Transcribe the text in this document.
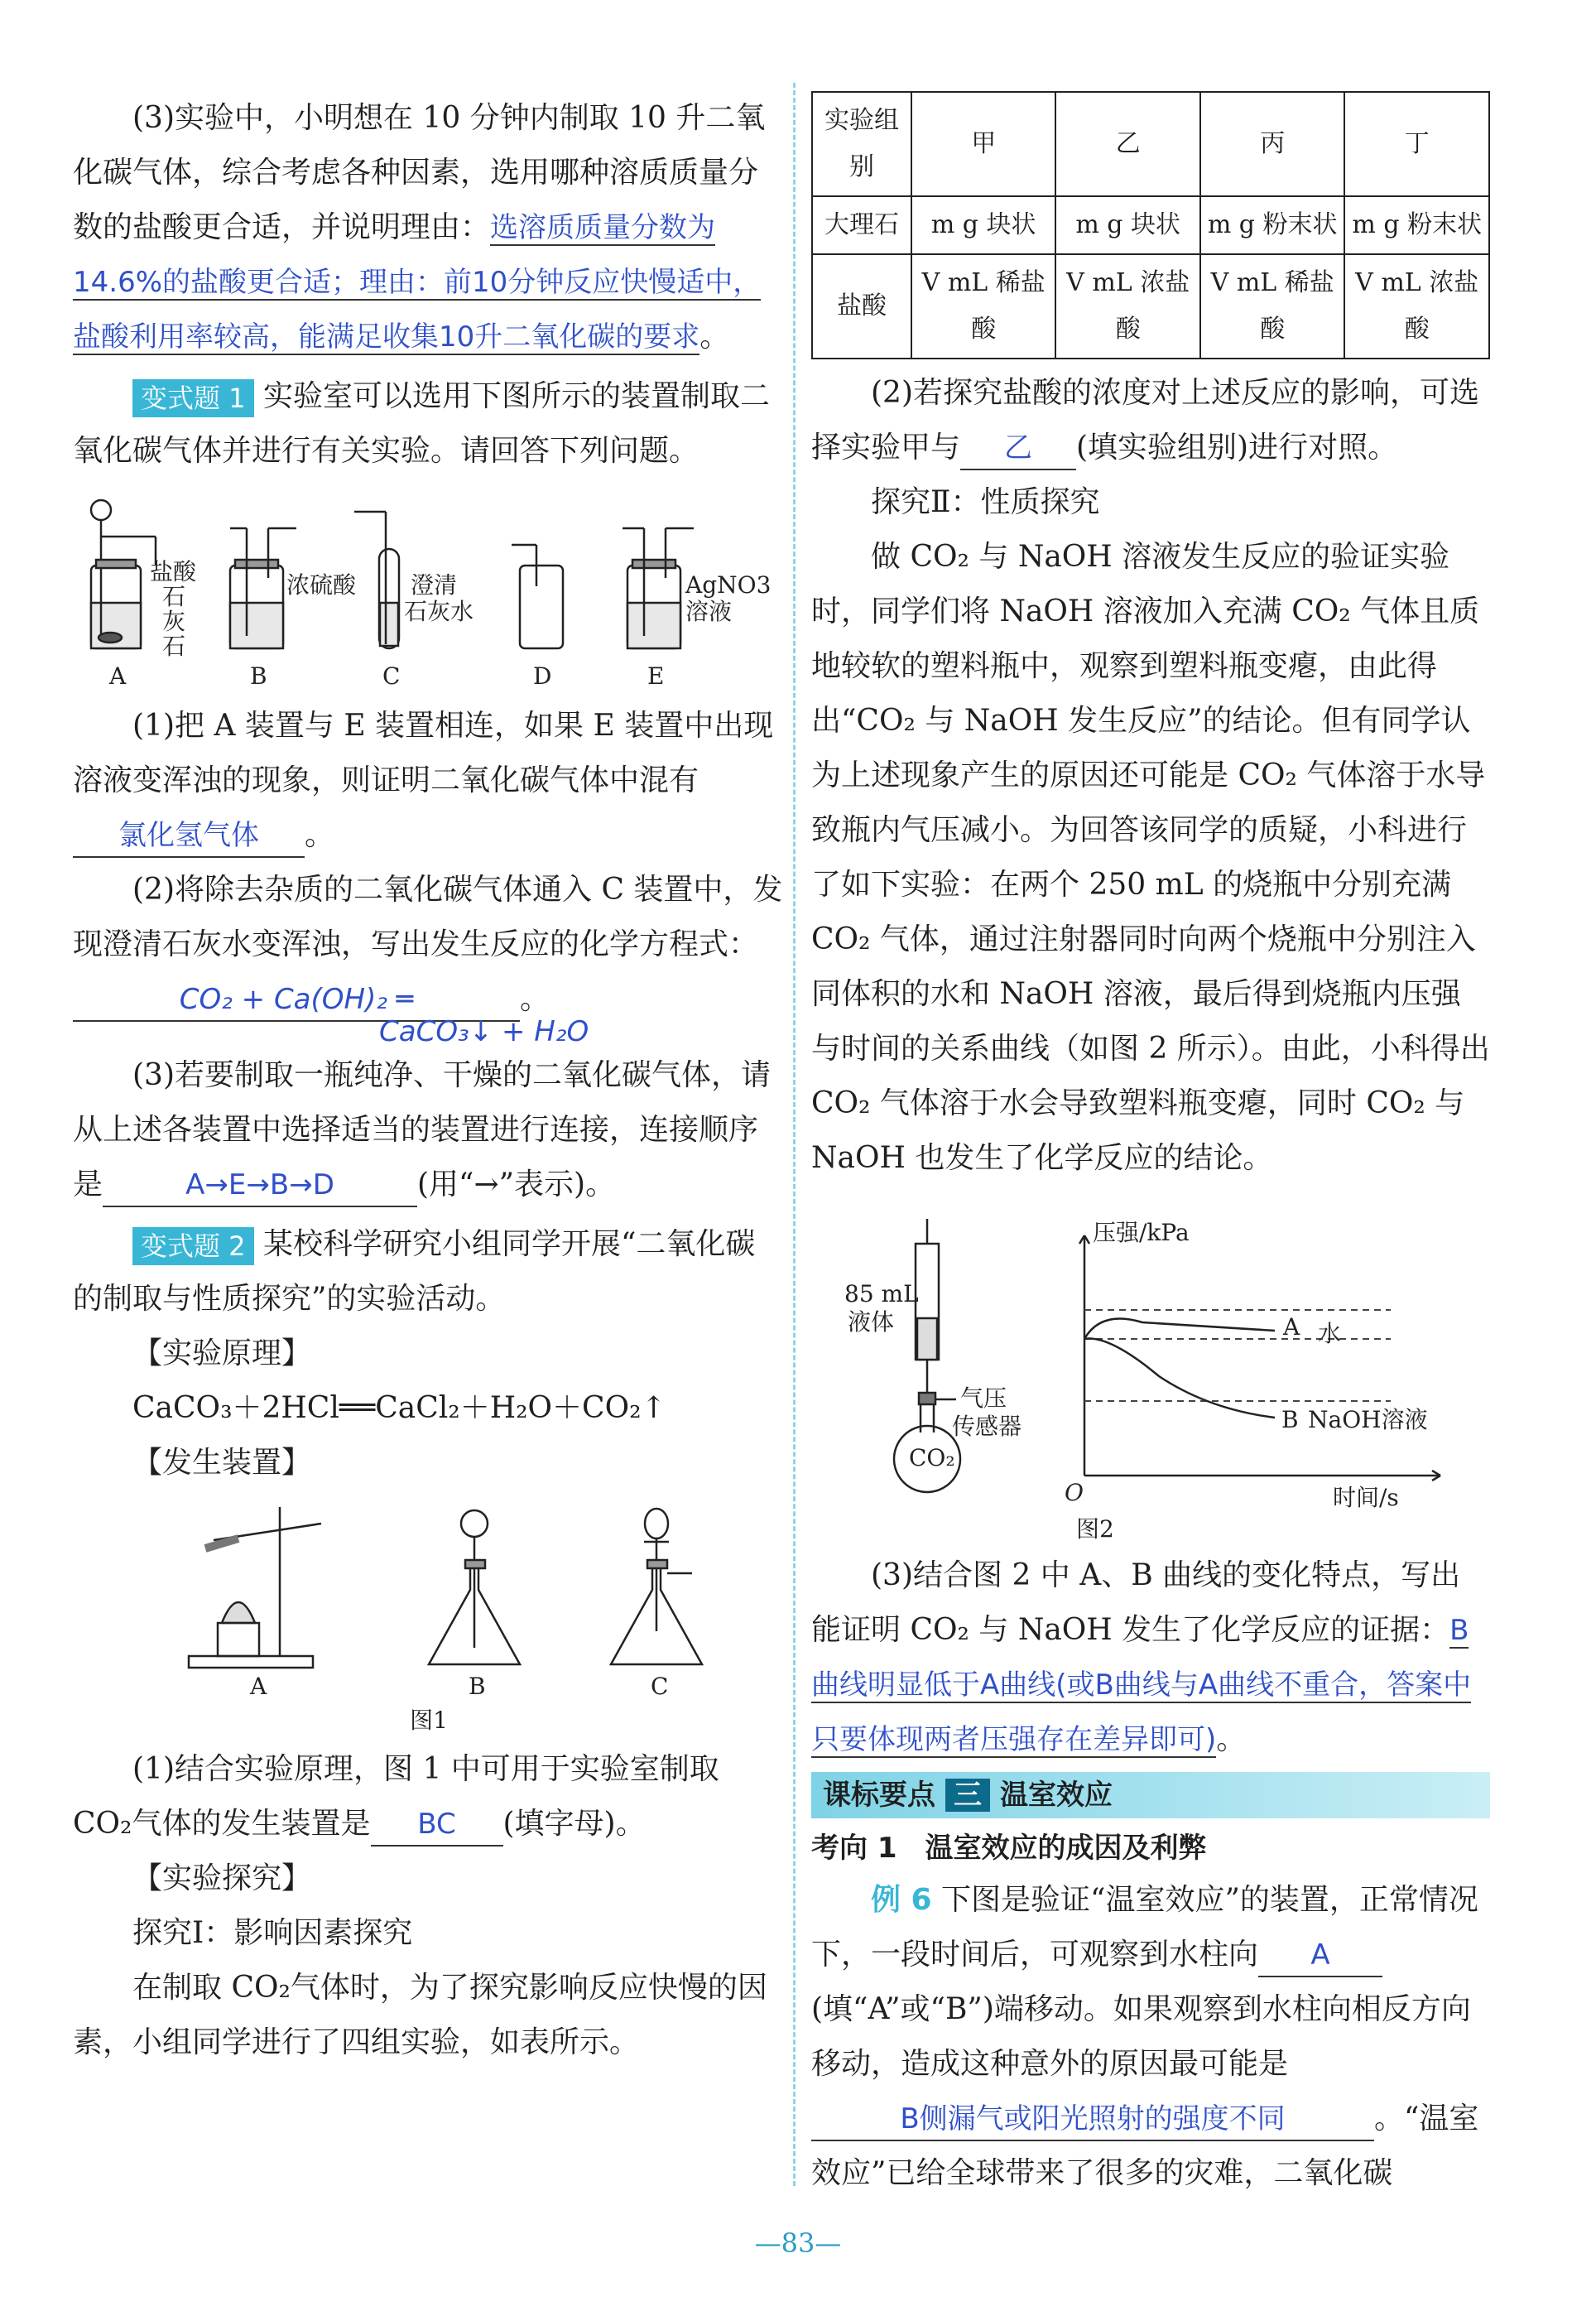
(3)实验中，小明想在 10 分钟内制取 10 升二氧化碳气体，综合考虑各种因素，选用哪种溶质质量分数的盐酸更合适，并说明理由：选溶质质量分数为14.6%的盐酸更合适；理由：前10分钟反应快慢适中，盐酸利用率较高，能满足收集10升二氧化碳的要求。

变式题 1 实验室可以选用下图所示的装置制取二氧化碳气体并进行有关实验。请回答下列问题。

盐酸
石
灰
石
浓硫酸 澄清
石灰水
AgNO3
溶液
A	B	C	D	E

(1)把 A 装置与 E 装置相连，如果 E 装置中出现溶液变浑浊的现象，则证明二氧化碳气体中混有氯化氢气体 。

(2)将除去杂质的二氧化碳气体通入 C 装置中，发现澄清石灰水变浑浊，写出发生反应的化学方程式：CO₂ + Ca(OH)₂ ═	。

CaCO₃↓ + H₂O

(3)若要制取一瓶纯净、干燥的二氧化碳气体，请从上述各装置中选择适当的装置进行连接，连接顺序是	A→E→B→D	(用“→”表示)。

变式题 2 某校科学研究小组同学开展“二氧化碳的制取与性质探究”的实验活动。

【实验原理】

CaCO₃＋2HCl══CaCl₂＋H₂O＋CO₂↑

【发生装置】

A	B	C

图1

(1)结合实验原理，图 1 中可用于实验室制取 CO₂气体的发生装置是 BC (填字母)。

【实验探究】

探究Ⅰ：影响因素探究

在制取 CO₂气体时，为了探究影响反应快慢的因素，小组同学进行了四组实验，如表所示。

实验组别	甲	乙	丙	丁
大理石	m g 块状	m g 块状	m g 粉末状	m g 粉末状
盐酸	V mL 稀盐酸	V mL 浓盐酸	V mL 稀盐酸	V mL 浓盐酸

(2)若探究盐酸的浓度对上述反应的影响，可选择实验甲与 乙 (填实验组别)进行对照。

探究Ⅱ：性质探究

做 CO₂ 与 NaOH 溶液发生反应的验证实验时，同学们将 NaOH 溶液加入充满 CO₂ 气体且质地较软的塑料瓶中，观察到塑料瓶变瘪，由此得出“CO₂ 与 NaOH 发生反应”的结论。但有同学认为上述现象产生的原因还可能是 CO₂ 气体溶于水导致瓶内气压减小。为回答该同学的质疑，小科进行了如下实验：在两个 250 mL 的烧瓶中分别充满 CO₂ 气体，通过注射器同时向两个烧瓶中分别注入同体积的水和 NaOH 溶液，最后得到烧瓶内压强与时间的关系曲线（如图 2 所示）。由此，小科得出 CO₂ 气体溶于水会导致塑料瓶变瘪，同时 CO₂ 与 NaOH 也发生了化学反应的结论。

85 mL
液体
气压
传感器
CO₂
压强/kPa
时间/s
O
A 水
B NaOH溶液
图2

(3)结合图 2 中 A、B 曲线的变化特点，写出能证明 CO₂ 与 NaOH 发生了化学反应的证据：B曲线明显低于A曲线(或B曲线与A曲线不重合，答案中只要体现两者压强存在差异即可)。

课标要点 三 温室效应
考向 1　温室效应的成因及利弊

例 6 下图是验证“温室效应”的装置，正常情况下，一段时间后，可观察到水柱向 A(填“A”或“B”)端移动。如果观察到水柱向相反方向移动，造成这种意外的原因最可能是B侧漏气或阳光照射的强度不同	。“温室效应”已给全球带来了很多的灾难，二氧化碳

—83—
